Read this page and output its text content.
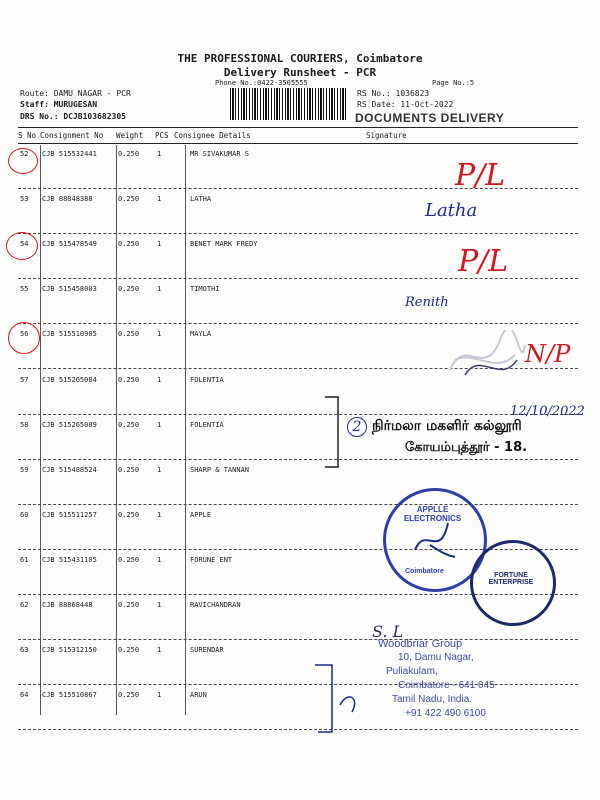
THE PROFESSIONAL COURIERS, Coimbatore
Delivery Runsheet - PCR
Phone No.:0422-3505555	Page No.:5
Route: DAMU NAGAR - PCR
Staff: MURUGESAN
DRS No.: DCJB103682305
RS No.: 1036823
RS Date: 11-Oct-2022
DOCUMENTS DELIVERY
S No Consignment No Weight PCS Consignee Details	Signature
52 CJB 515532441	0.250	1	MR SIVAKUMAR S
53 CJB 88848388	0.250	1	LATHA
54 CJB 515478549	0.250	1	BENET MARK FREDY
55 CJB 515458003	0.250	1	TIMOTHI
56 CJB 515510905	0.250	1	MAYLA
57 CJB 515265084	0.250	1	FOLENTIA
58 CJB 515265089	0.250	1	FOLENTIA
59 CJB 515488524	0.250	1	SHARP & TANNAN
60 CJB 515511257	0.250	1	APPLE
61 CJB 515431105	0.250	1	FORUNE ENT
62 CJB 88868448	0.250	1	RAVICHANDRAN
63 CJB 515312150	0.250	1	SURENDAR
64 CJB 515510867	0.250	1	ARUN
P/L
Latha
P/L
Renith
N/P
2
12/10/2022
நிர்மலா மகளிர் கல்லூரி
கோயம்புத்தூர் - 18.
APPLLE ELECTRONICS
Coimbatore
FORTUNE ENTERPRISE
S. L
Woodbriar Group
10, Damu Nagar,
Puliakulam,
Coimbatore - 641 045
Tamil Nadu, India.
+91 422 490 6100
